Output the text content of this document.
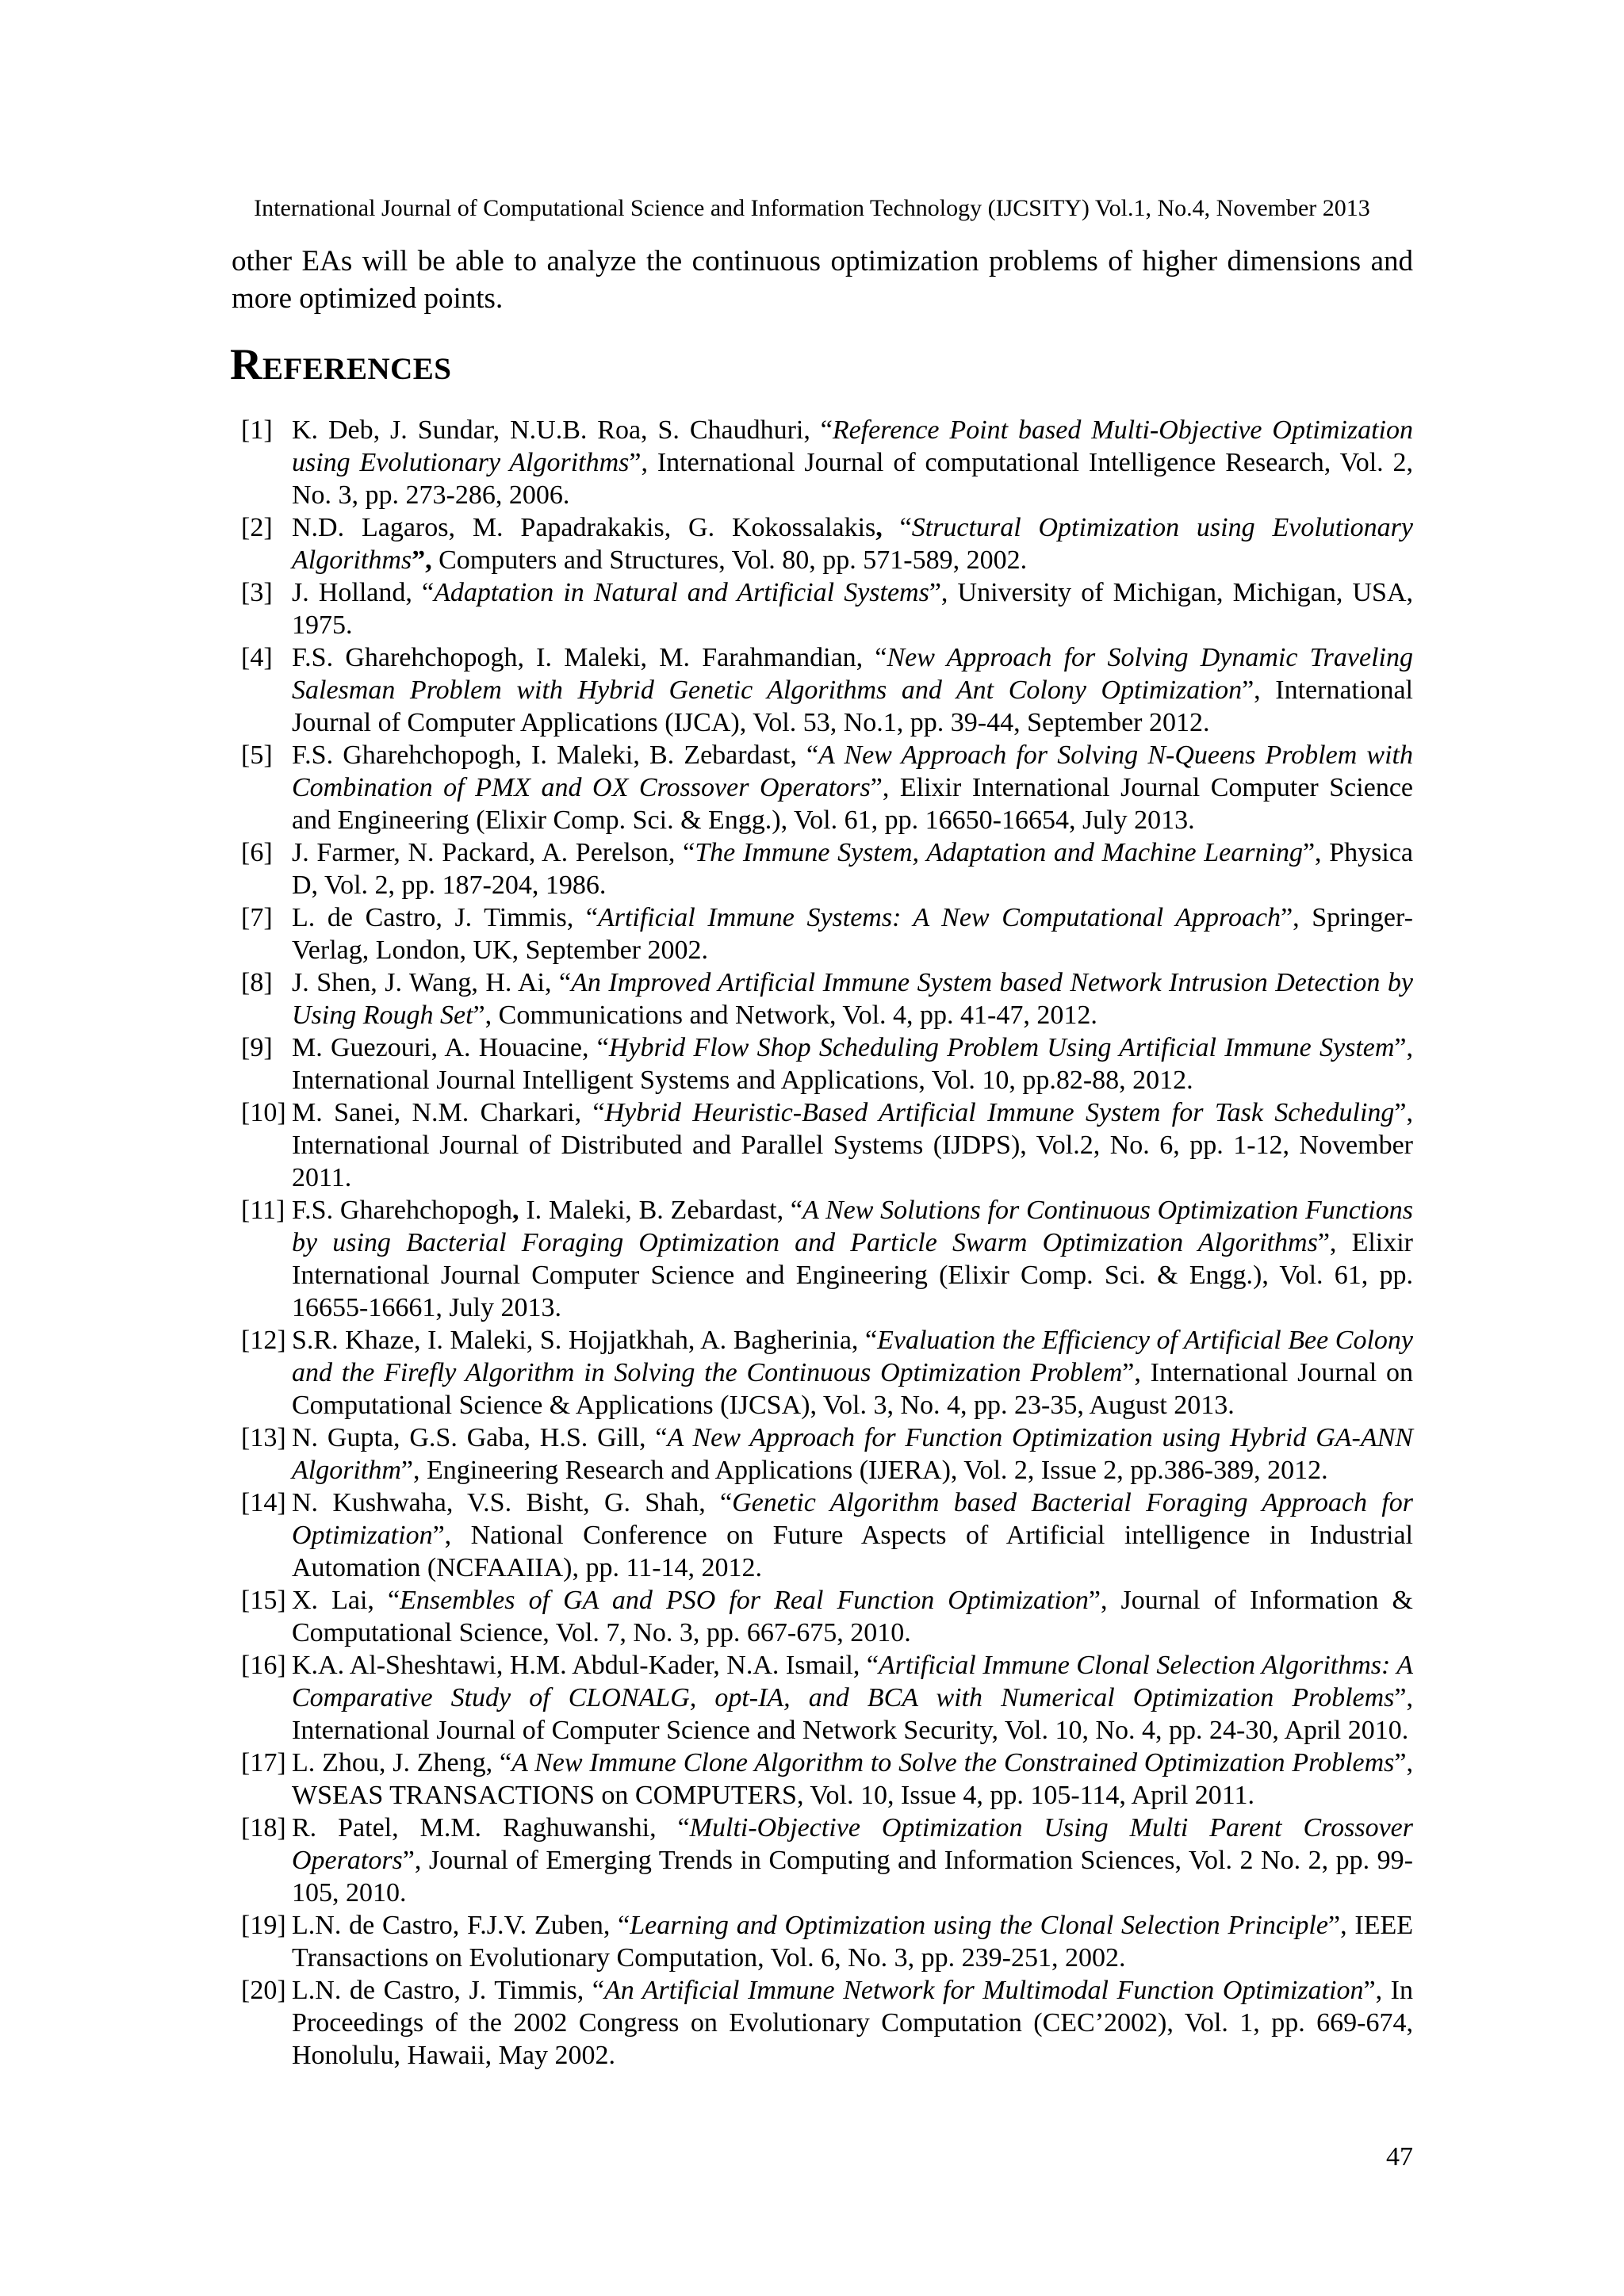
International Journal of Computational Science and Information Technology (IJCSITY) Vol.1, No.4, November 2013

other EAs will be able to analyze the continuous optimization problems of higher dimensions and more optimized points.

References
[1] K. Deb, J. Sundar, N.U.B. Roa, S. Chaudhuri, “Reference Point based Multi-Objective Optimization using Evolutionary Algorithms”, International Journal of computational Intelligence Research, Vol. 2, No. 3, pp. 273-286, 2006.
[2] N.D. Lagaros, M. Papadrakakis, G. Kokossalakis, “Structural Optimization using Evolutionary Algorithms”, Computers and Structures, Vol. 80, pp. 571-589, 2002.
[3] J. Holland, “Adaptation in Natural and Artificial Systems”, University of Michigan, Michigan, USA, 1975.
[4] F.S. Gharehchopogh, I. Maleki, M. Farahmandian, “New Approach for Solving Dynamic Traveling Salesman Problem with Hybrid Genetic Algorithms and Ant Colony Optimization”, International Journal of Computer Applications (IJCA), Vol. 53, No.1, pp. 39-44, September 2012.
[5] F.S. Gharehchopogh, I. Maleki, B. Zebardast, “A New Approach for Solving N-Queens Problem with Combination of PMX and OX Crossover Operators”, Elixir International Journal Computer Science and Engineering (Elixir Comp. Sci. & Engg.), Vol. 61, pp. 16650-16654, July 2013.
[6] J. Farmer, N. Packard, A. Perelson, “The Immune System, Adaptation and Machine Learning”, Physica D, Vol. 2, pp. 187-204, 1986.
[7] L. de Castro, J. Timmis, “Artificial Immune Systems: A New Computational Approach”, Springer-Verlag, London, UK, September 2002.
[8] J. Shen, J. Wang, H. Ai, “An Improved Artificial Immune System based Network Intrusion Detection by Using Rough Set”, Communications and Network, Vol. 4, pp. 41-47, 2012.
[9] M. Guezouri, A. Houacine, “Hybrid Flow Shop Scheduling Problem Using Artificial Immune System”, International Journal Intelligent Systems and Applications, Vol. 10, pp.82-88, 2012.
[10] M. Sanei, N.M. Charkari, “Hybrid Heuristic-Based Artificial Immune System for Task Scheduling”, International Journal of Distributed and Parallel Systems (IJDPS), Vol.2, No. 6, pp. 1-12, November 2011.
[11] F.S. Gharehchopogh, I. Maleki, B. Zebardast, “A New Solutions for Continuous Optimization Functions by using Bacterial Foraging Optimization and Particle Swarm Optimization Algorithms”, Elixir International Journal Computer Science and Engineering (Elixir Comp. Sci. & Engg.), Vol. 61, pp. 16655-16661, July 2013.
[12] S.R. Khaze, I. Maleki, S. Hojjatkhah, A. Bagherinia, “Evaluation the Efficiency of Artificial Bee Colony and the Firefly Algorithm in Solving the Continuous Optimization Problem”, International Journal on Computational Science & Applications (IJCSA), Vol. 3, No. 4, pp. 23-35, August 2013.
[13] N. Gupta, G.S. Gaba, H.S. Gill, “A New Approach for Function Optimization using Hybrid GA-ANN Algorithm”, Engineering Research and Applications (IJERA), Vol. 2, Issue 2, pp.386-389, 2012.
[14] N. Kushwaha, V.S. Bisht, G. Shah, “Genetic Algorithm based Bacterial Foraging Approach for Optimization”, National Conference on Future Aspects of Artificial intelligence in Industrial Automation (NCFAAIIA), pp. 11-14, 2012.
[15] X. Lai, “Ensembles of GA and PSO for Real Function Optimization”, Journal of Information & Computational Science, Vol. 7, No. 3, pp. 667-675, 2010.
[16] K.A. Al-Sheshtawi, H.M. Abdul-Kader, N.A. Ismail, “Artificial Immune Clonal Selection Algorithms: A Comparative Study of CLONALG, opt-IA, and BCA with Numerical Optimization Problems”, International Journal of Computer Science and Network Security, Vol. 10, No. 4, pp. 24-30, April 2010.
[17] L. Zhou, J. Zheng, “A New Immune Clone Algorithm to Solve the Constrained Optimization Problems”, WSEAS TRANSACTIONS on COMPUTERS, Vol. 10, Issue 4, pp. 105-114, April 2011.
[18] R. Patel, M.M. Raghuwanshi, “Multi-Objective Optimization Using Multi Parent Crossover Operators”, Journal of Emerging Trends in Computing and Information Sciences, Vol. 2 No. 2, pp. 99-105, 2010.
[19] L.N. de Castro, F.J.V. Zuben, “Learning and Optimization using the Clonal Selection Principle”, IEEE Transactions on Evolutionary Computation, Vol. 6, No. 3, pp. 239-251, 2002.
[20] L.N. de Castro, J. Timmis, “An Artificial Immune Network for Multimodal Function Optimization”, In Proceedings of the 2002 Congress on Evolutionary Computation (CEC’2002), Vol. 1, pp. 669-674, Honolulu, Hawaii, May 2002.
47
